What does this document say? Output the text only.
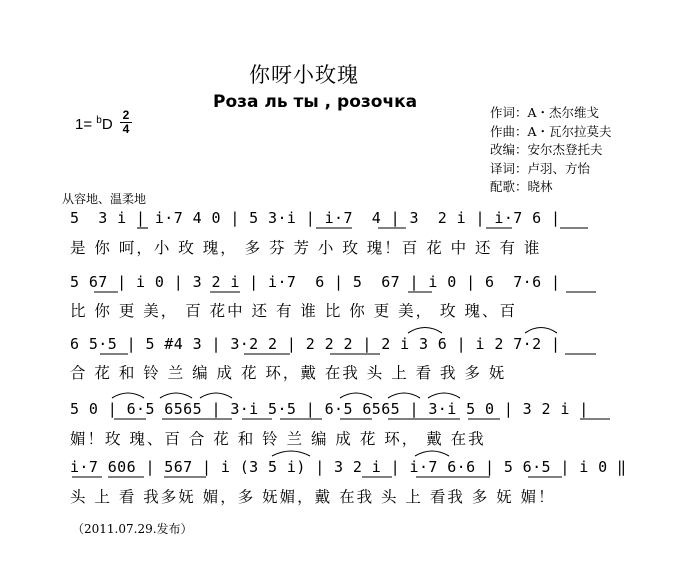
你呀小玫瑰
Роза ль ты , розочка
1= $^b$D
2
4
作词：A・杰尔维戈
作曲：A・瓦尔拉莫夫
改编：安尔杰登托夫
译词：卢羽、方怡
配歌：晓林
从容地、温柔地
5  3 i | i·7 4 0 | 5 3·i | i·7  4 | 3  2 i | i·7 6 |
是 你 呵，小 玫 瑰， 多 芬 芳 小 玫 瑰！百 花 中 还 有 谁
5 67 | i 0 | 3 2 i | i·7  6 | 5  67 | i 0 | 6  7·6 |
比 你 更 美， 百 花中 还 有 谁 比 你 更 美， 玫 瑰、百
6 5·5 | 5 #4 3 | 3·2 2 | 2 2 2 | 2 i 3 6 | i 2 7·2 |
合 花 和 铃 兰 编 成 花 环，戴 在我 头 上 看 我 多 妩
5 0 | 6·5 6565 | 3·i 5·5 | 6·5 6565 | 3·i 5 0 | 3 2 i |
媚！玫 瑰、百 合 花 和 铃 兰 编 成 花 环， 戴 在我
i·7 606 | 567 | i (3 5 i) | 3 2 i | i·7 6·6 | 5 6·5 | i 0 ‖
头 上 看 我多妩 媚，多 妩媚，戴 在我 头 上 看我 多 妩 媚！
（2011.07.29.发布）
